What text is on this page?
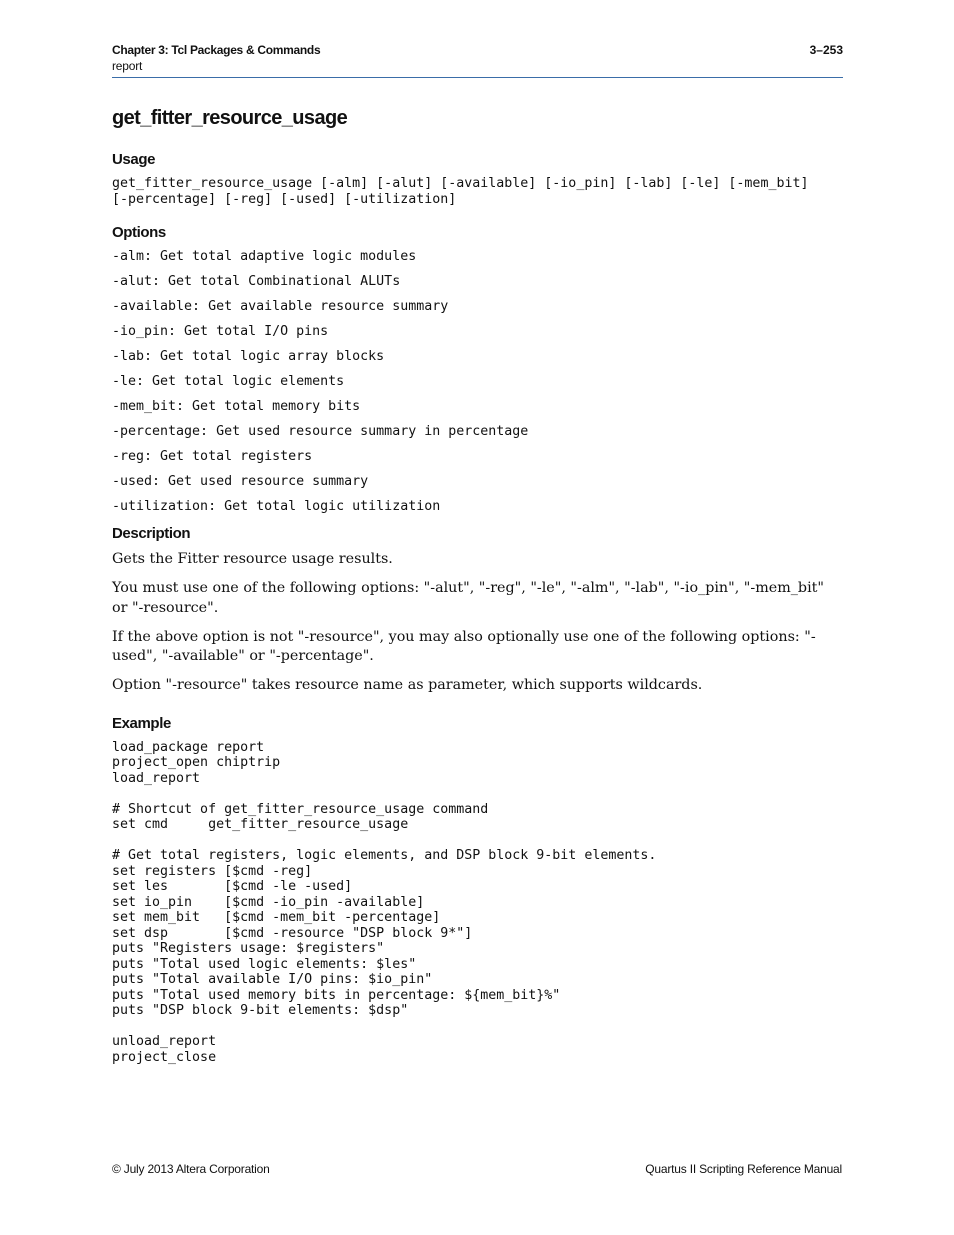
Chapter 3: Tcl Packages & Commands
report
3–253
get_fitter_resource_usage
Usage
get_fitter_resource_usage [-alm] [-alut] [-available] [-io_pin] [-lab] [-le] [-mem_bit]
[-percentage] [-reg] [-used] [-utilization]
Options
-alm: Get total adaptive logic modules
-alut: Get total Combinational ALUTs
-available: Get available resource summary
-io_pin: Get total I/O pins
-lab: Get total logic array blocks
-le: Get total logic elements
-mem_bit: Get total memory bits
-percentage: Get used resource summary in percentage
-reg: Get total registers
-used: Get used resource summary
-utilization: Get total logic utilization
Description

Gets the Fitter resource usage results.

You must use one of the following options: "-alut", "-reg", "-le", "-alm", "-lab", "-io_pin", "-mem_bit" or "-resource".

If the above option is not "-resource", you may also optionally use one of the following options: "-used", "-available" or "-percentage".

Option "-resource" takes resource name as parameter, which supports wildcards.

Example
load_package report
project_open chiptrip
load_report

# Shortcut of get_fitter_resource_usage command
set cmd     get_fitter_resource_usage

# Get total registers, logic elements, and DSP block 9-bit elements.
set registers [$cmd -reg]
set les       [$cmd -le -used]
set io_pin    [$cmd -io_pin -available]
set mem_bit   [$cmd -mem_bit -percentage]
set dsp       [$cmd -resource "DSP block 9*"]
puts "Registers usage: $registers"
puts "Total used logic elements: $les"
puts "Total available I/O pins: $io_pin"
puts "Total used memory bits in percentage: ${mem_bit}%"
puts "DSP block 9-bit elements: $dsp"

unload_report
project_close
© July 2013 Altera Corporation	Quartus II Scripting Reference Manual
